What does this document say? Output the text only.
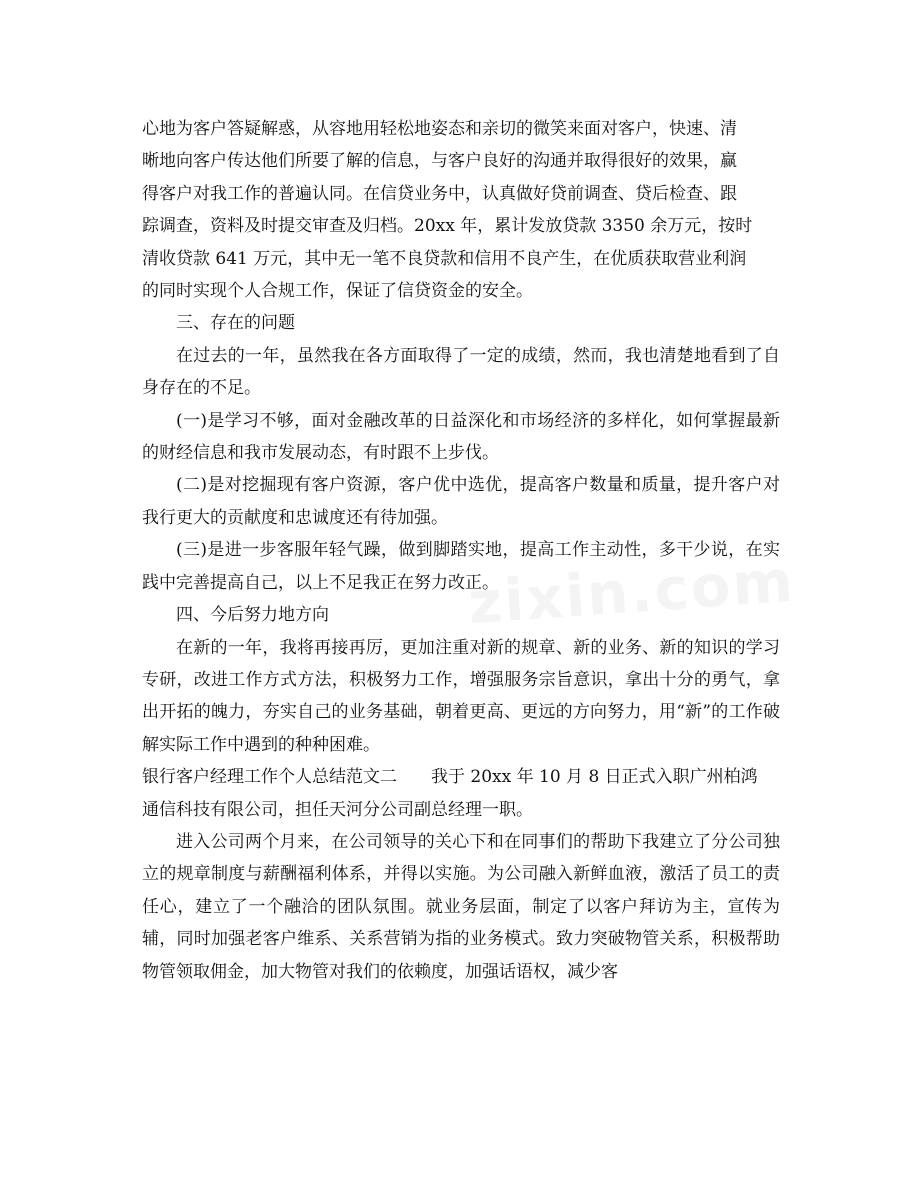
心地为客户答疑解惑，从容地用轻松地姿态和亲切的微笑来面对客户，快速、清
晰地向客户传达他们所要了解的信息，与客户良好的沟通并取得很好的效果，赢
得客户对我工作的普遍认同。在信贷业务中，认真做好贷前调查、贷后检查、跟
踪调查，资料及时提交审查及归档。20xx 年，累计发放贷款 3350 余万元，按时
清收贷款 641 万元，其中无一笔不良贷款和信用不良产生，在优质获取营业利润
的同时实现个人合规工作，保证了信贷资金的安全。

三、存在的问题

在过去的一年，虽然我在各方面取得了一定的成绩，然而，我也清楚地看到了自身存在的不足。

(一)是学习不够，面对金融改革的日益深化和市场经济的多样化，如何掌握最新的财经信息和我市发展动态，有时跟不上步伐。

(二)是对挖掘现有客户资源，客户优中选优，提高客户数量和质量，提升客户对我行更大的贡献度和忠诚度还有待加强。

(三)是进一步客服年轻气躁，做到脚踏实地，提高工作主动性，多干少说，在实践中完善提高自己，以上不足我正在努力改正。

四、今后努力地方向

在新的一年，我将再接再厉，更加注重对新的规章、新的业务、新的知识的学习专研，改进工作方式方法，积极努力工作，增强服务宗旨意识，拿出十分的勇气，拿出开拓的魄力，夯实自己的业务基础，朝着更高、更远的方向努力，用“新”的工作破解实际工作中遇到的种种困难。

银行客户经理工作个人总结范文二　　我于 20xx 年 10 月 8 日正式入职广州柏鸿
通信科技有限公司，担任天河分公司副总经理一职。

进入公司两个月来，在公司领导的关心下和在同事们的帮助下我建立了分公司独立的规章制度与薪酬福利体系，并得以实施。为公司融入新鲜血液，激活了员工的责任心，建立了一个融洽的团队氛围。就业务层面，制定了以客户拜访为主，宣传为辅，同时加强老客户维系、关系营销为指的业务模式。致力突破物管关系，积极帮助物管领取佣金，加大物管对我们的依赖度，加强话语权，减少客
